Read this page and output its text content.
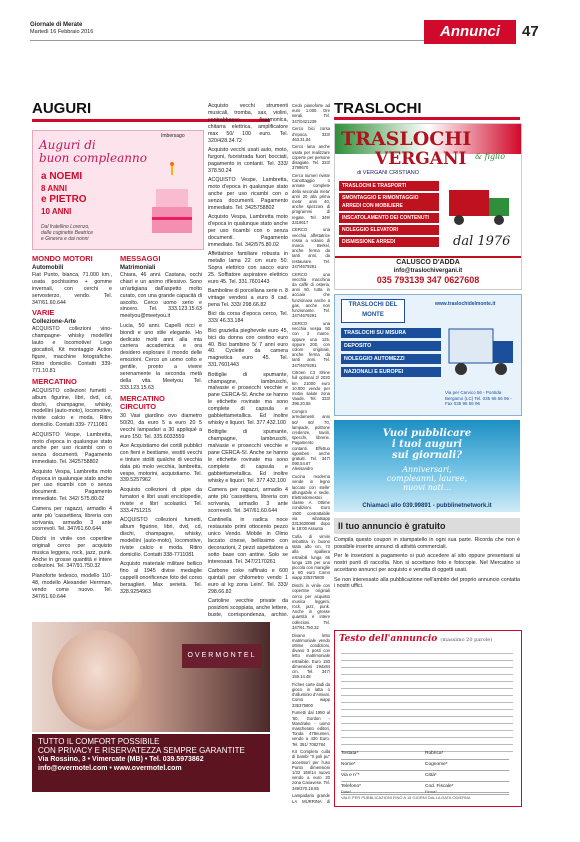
Giornale di Merate
Martedì 16 Febbraio 2016	Annunci	47
AUGURI
Imbersago
Auguri di
buon compleanno
a NOEMI
8 ANNI
e PIETRO
10 ANNI
Dal fratellino Lorenzo,
dalle cuginette Beatrice
e Ginevra e dai nonni
MONDO MOTORI
Automobili

Fiat Punto, bianca, 71.000 km., usata pochissimo + gomme invernali, con cerchi e servosterzo, vendo. Tel. 347/61.60.644

VARIE
Collezione-Arte

ACQUISTO collezioni vino-champagne- whisky modellini lauto e locomotive/ Lego giocattoli, Kit montaggio Action figure, macchine fotografiche. Ritiro domicilio. Contatti 339-771.10.81

MERCATINO

ACQUISTO collezioni fumetti - album figurine, libri, dvd, cd, dischi, champagne, whisky, modellini (auto-moto), locomotive, riviste calcio e moda. Ritiro domicilio. Contatti 339- 7711081

ACQUISTO Vespe, Lambretta, moto d'epoca in qualunque stato anche per uso ricambi con o senza documenti. Pagamento immediato. Tel. 3425758802

Acquisto Vespa, Lambretta moto d'epoca in qualunque stato anche per uso ricambi con o senza documenti. Pagamento immediato. Tel. 342/ 575.80.02

Camera per ragazzi, armadio 4 ante più 'cassettiera, libreria con scrivania, armadio 3 ante scorrevoli. Tel. 347/61.60.644

Dischi in vinile con copertine originali cerco per acquisto musica leggera, rock, jazz, punk. Anche in grosse quantità e intere collezioni. Tel. 347/91.750.32

Pianoforte tedesco, modello 110- 48, modello Alexander Herrman, vendo come nuovo. Tel. 347/61.60.644

MESSAGGI
Matrimoniali

Chiara, 46 anni. Castana, occhi chiari e un animo riflessivo. Sono un'artigiana dall'aspetto molto curato, con una grande capacità di ascolto. Cerco uomo serio e sincero. Tel. 333.123.15.63 meetyou@meetyou.it

Lucia, 50 anni. Capelli ricci e biondi e uno stile elegante. Ho dedicato molti anni alla mia carriera accademica e ora desidero esplorare il mondo delle emozioni. Cerco un uomo colto e gentile, pronto a vivere serenamente la seconda metà della vita. Meetyou Tel. 333.123.15.63

MERCATINO CIRCUITO

30 Vasi giardino ovo diametro 50/20, da euro 5 a euro 20 5 vecchi lampadari a 30 appliqué a euro 150. Tel. 335.6033559

Ace Acquistiamo dei cortili pubblici con fieni e bestiame, vestiti vecchi e tinture stoliti qualche di vecchia data più molo vecchia, lambretta, vespe, motorini, acquistiamo. Tel. 339.5257962

Acquisto collezioni di pipe da fumatori e libri usati enciclopedie, riviste e libri scolastici. Tel. 333.4751215

ACQUISTO collezioni fumetti, album figurine, libri, dvd, cd, dischi, champagne, whisky, modellini (auto-moto), locomotive, riviste calcio e moda. Ritiro domicilio. Contatti 338-7711081

Acquisto materiale militare bellico fino al 1945 divise medaglie cappelli onorificenze foto del corso bersaglieri. Max serietà. Tel. 328.9254963

Acquisto vecchi strumenti musicali, tromba, sax, violini, contrabbasso, fisarmonica, chitarra elettrica, amplificatore max 50/ 100 euro. Tel. 320/428.34.72

Acquisto vecchi usati auto, moto, furgoni, fuoristrada fuori bocciati, pagamento in contanti. Tel. 333/ 378.50.24

ACQUISTO Vespe, Lambretta, moto d'epoca in qualunque stato anche per uso ricambi con o senza documenti. Pagamento immediato. Tel. 3425758802

Acquisto Vespa, Lambretta moto d'epoca in qualunque stato anche per uso ricambi con o senza documenti. Pagamento immediato. Tel. 342/575.80.02

Affettatrice familiare robusta in metallo lama 22 cm euro 50. Sopra elettrico con sacco euro 25. Soffiatore aspiratore elettrico euro 45. Tel. 331.7601443

Bamboline di porcellana serie n. 8 vintage vendesi a euro 8 cad. pena Tel. 333/ 298.66.82

Bici da corsa d'epoca cerco, Tel. 333/ 46.33.184

Bici graziella pieghevole euro 45, bici da donna con cestino euro 40. Bici bambino 5/ 7 anni euro 40. Cyclette da camera magnetica euro 45. Tel. 331.7601443

Bottiglie di spumante, champagne, lambruschi, malvasie e prosecchi vecchie e pane CERCA-SI. Anche se hanno le etichette rovinate ma sono complete di capsula e gabbiettametallica. Ed inoltre whisky e liquori. Tel. 377.432.100

Bottiglie di spumante, champagne, lambruschi, malvasie e prosecchi vecchie e pane CERCA-SI. Anche se hanno le etichette rovinate ma sono complete di capsula e gabbiettametallica. Ed inoltre whisky e liquori. Tel. 377.432.100

Camera per ragazzi, armadio 4 ante più 'cassettiera, libreria con scrivania, armadio 3 ante scorrevoli. Tel. 347/61.60.644

Cantinella in radica noce restaurato primi ottocento pezzo unico Vendo. Mobile in Olmo laccato cinese, bellissimo con decorazioni, 2 pezzi aspettatore a sotto base con antine. Solo se interessati. Tel. 347/2170261

Carbone coke raffinato e 600 quintali per chilometro vendo 1 euro al kg zona Leini'. Tel. 333/ 298.66.82

Cartoline vecchie private da posizioni scoppiata, anche lettere, buste, corrispondenza, archivi.

Cedo pianoforte ad euro 1.000. Ore serali. Tel. 347/0421239

Cerco bici corsa d'epoca. 333/ 463.31.84

Cerco lana anche usata per realizzare coperte per persone disagiate. Tel. 333/ 3799670

Cerco numeri riviste Canottaggio o annate complete della seconda meta' anni 20 alla prima meta' anni 40, anche spezzoni di programmi di regate. Tel. 349/ 3319617

CERCO una vecchia affettatrice rossa a volano di marca Berkel, anche ferma da tanti anni, da restaurare. Tel. 347/4679291

CERCO una vecchia macchina da caffè di osteria, anni 50, tutta in acciaio che funzionava anche a gas, anche non funzionante. Tel. 347/4679291

CERCO una vecchia vespa 50 con 3 marce, oppure una 125, oppure 200, con colore originale, anche ferma da tanti anni. Tel. 347/4679291

Citroen C3 Shine full optional 2/ 2020 km 21000 euro 10.000 vendo per motivi salute zona Vaude. Tel. 333/ 396.20.55

Compro arredamenti anni 50/ 60/ 70, lampade, poltrone credenze, tavoli, specchi, librerie. Pagamento contanti. Effettuo sgomberi anche gratuiti. Tel. 347/ 090.54.67 Alessandro

Cucina moderna vende in legno laccato con stelle' allungabile e sedie. Elettrodomestici classe A. Ottime condizioni. Euro 1500 contrattabile via whatsapp 3313630088 dopo le 18:00 Assunta

Culla di vimini imbottita in buono stato alto cm. 73 alla spalliera estraibili lunga 66 lunga 135 per una piccola con maniglie a 80 euro Como wapp 335375800

Dischi in vinile con copertine originali cerco per acquisto musica leggera, rock, jazz, punk. Anche in grosse quantità e intere collezioni. Tel. 347/91.750.32

Divano letto matrimoniale vendo ottime condizioni, divano 3 posti con letto matrimoniale estraibile. Euro 150 dimensioni 194x84 cm. Tel. 347/ 159.14.48

Fiches carte dadi da gioco in latta o d'alluminio d'Amiani. Como wapp 335375800

Fumetti dal 1950 al '60, Gordon - Mandrake - uomo mascherato editori, Tonda 478numeri, vendo a 430 Euro. Tel. 351/ 7082784

Kit Completo culla di bambi "Il poli pu" accessori per l'uso Punto dimensioni 1/32 168/14 nuovo vendo a euro 20 zona Canavese. Tel. 349/370.18.85

Lampadario grande LA MURRINA di

OVERMONTEL
TUTTO IL COMFORT POSSIBILE
CON PRIVACY E RISERVATEZZA SEMPRE GARANTITE
Via Rossino, 3 • Vimercate (MB) • Tel. 039.5973862
info@overmotel.com • www.overmotel.com
TRASLOCHI
TRASLOCHI
VERGANI & figlio
di VERGANI CRISTIANO
TRASLOCHI E TRASPORTI
SMONTAGGIO E RIMONTAGGIO ARREDI CON MOBILIERE
INSCATOLAMENTO DEI CONTENUTI
NOLEGGIO ELEVATORI
DISMISSIONE ARREDI	dal 1976
CALUSCO D'ADDA
info@traslochivergani.it
035 793139 347 0627608
TRASLOCHI DEL MONTE
www.traslochidelmonte.it
TRASLOCHI SU MISURA
DEPOSITO
NOLEGGIO AUTOMEZZI
NAZIONALI E EUROPEI
Via per Carvico 56 - Pontida Bergamo (LC) Tel. 035 95 56 96 - Fax 035 95 56 96
Vuoi pubblicare
i tuoi auguri
sui giornali?
Anniversari,
compleanni, lauree,
nuovi nati...
Chiamaci allo 039.99891 - pubblinetnetwork.it
Il tuo annuncio è gratuito

Compila questo coupon in stampatello in ogni sua parte. Ricorda che non è possibile inserire annunci di attività commerciali.

Per le inserzioni a pagamento si può accedere al sito oppure presentarsi ai nostri punti di raccolta. Non si accettano foto e fotocopie. Nel Mercatino si accettano annunci per acquisto e vendita di oggetti usati.

Se non interessato alla pubblicazione nell'ambito del proprio annuncio contatta i nostri uffici.

Testo dell'annuncio (massimo 20 parole)
Testata*	Rubrica*
Nome*	Cognome*
Via e n°*	Città*
Telefono*	Cod. Fiscale*
Data*	Firma*
VALE PER PUBBLICAZIONI FINO A 15 GIORNI DALLA DATA ODIERNA
